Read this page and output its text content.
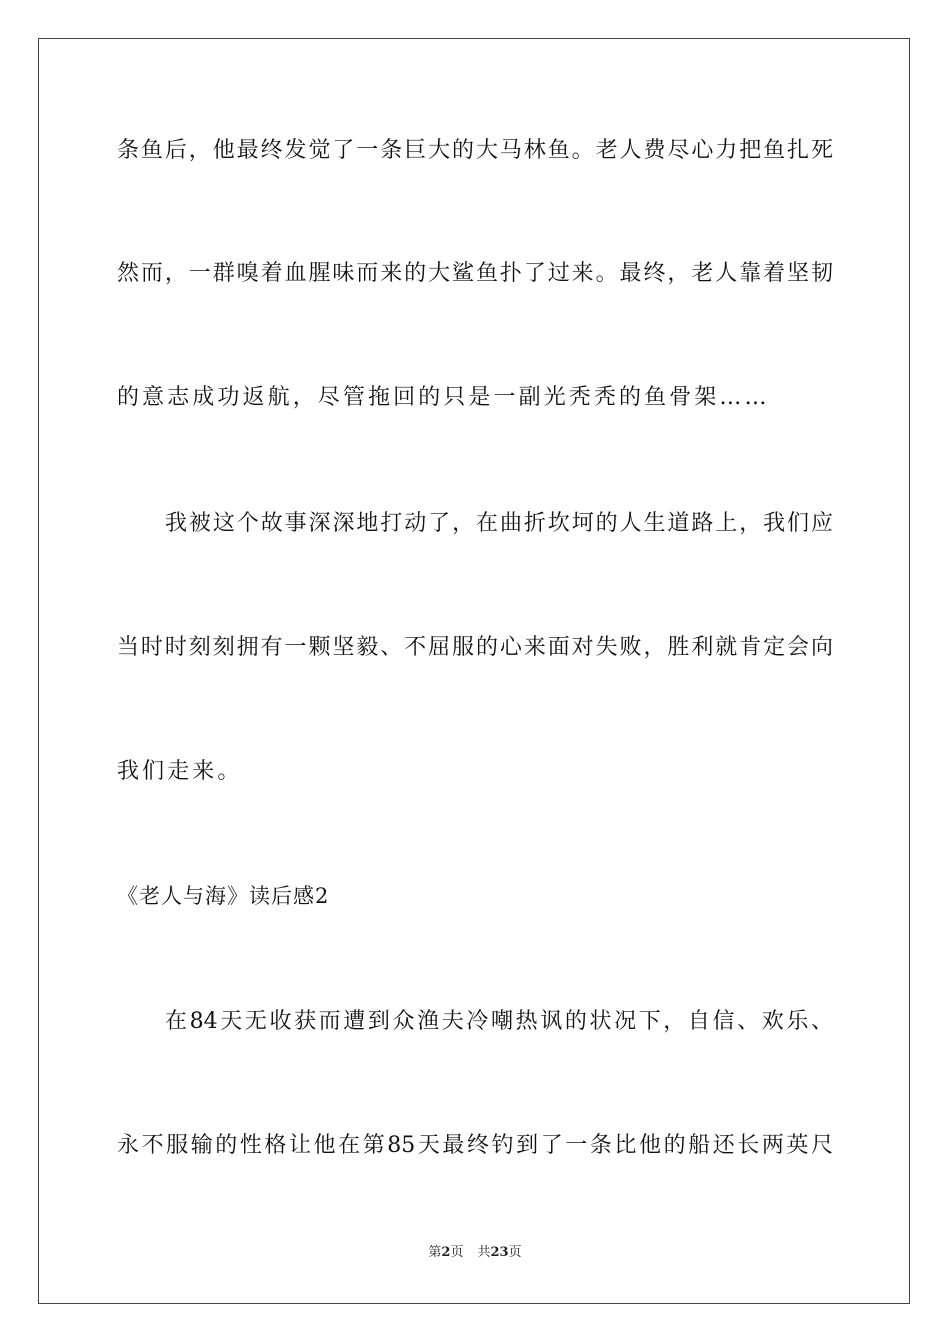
条鱼后，他最终发觉了一条巨大的大马林鱼。老人费尽心力把鱼扎死
然而，一群嗅着血腥味而来的大鲨鱼扑了过来。最终，老人靠着坚韧
的意志成功返航，尽管拖回的只是一副光秃秃的鱼骨架……
我被这个故事深深地打动了，在曲折坎坷的人生道路上，我们应
当时时刻刻拥有一颗坚毅、不屈服的心来面对失败，胜利就肯定会向
我们走来。
《老人与海》读后感2
在84天无收获而遭到众渔夫冷嘲热讽的状况下，自信、欢乐、
永不服输的性格让他在第85天最终钓到了一条比他的船还长两英尺
第2页 共23页
